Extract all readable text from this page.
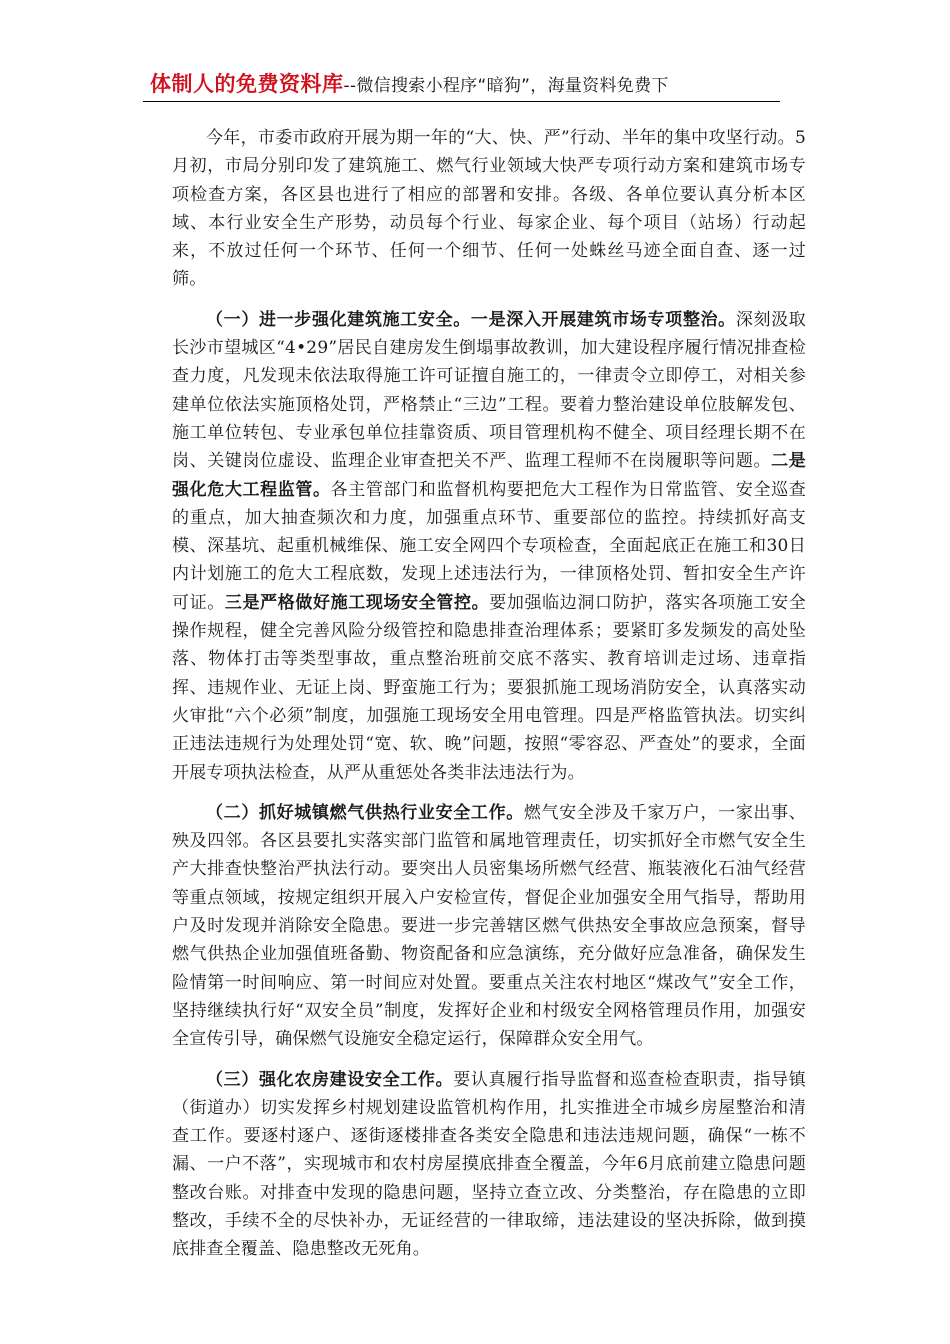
体制人的免费资料库--微信搜索小程序“暗狗”，海量资料免费下

今年，市委市政府开展为期一年的“大、快、严”行动、半年的集中攻坚行动。5月初，市局分别印发了建筑施工、燃气行业领域大快严专项行动方案和建筑市场专项检查方案，各区县也进行了相应的部署和安排。各级、各单位要认真分析本区域、本行业安全生产形势，动员每个行业、每家企业、每个项目（站场）行动起来，不放过任何一个环节、任何一个细节、任何一处蛛丝马迹全面自查、逐一过筛。

（一）进一步强化建筑施工安全。一是深入开展建筑市场专项整治。深刻汲取长沙市望城区“4•29”居民自建房发生倒塌事故教训，加大建设程序履行情况排查检查力度，凡发现未依法取得施工许可证擅自施工的，一律责令立即停工，对相关参建单位依法实施顶格处罚，严格禁止“三边”工程。要着力整治建设单位肢解发包、施工单位转包、专业承包单位挂靠资质、项目管理机构不健全、项目经理长期不在岗、关键岗位虚设、监理企业审查把关不严、监理工程师不在岗履职等问题。二是强化危大工程监管。各主管部门和监督机构要把危大工程作为日常监管、安全巡查的重点，加大抽查频次和力度，加强重点环节、重要部位的监控。持续抓好高支模、深基坑、起重机械维保、施工安全网四个专项检查，全面起底正在施工和30日内计划施工的危大工程底数，发现上述违法行为，一律顶格处罚、暂扣安全生产许可证。三是严格做好施工现场安全管控。要加强临边洞口防护，落实各项施工安全操作规程，健全完善风险分级管控和隐患排查治理体系；要紧盯多发频发的高处坠落、物体打击等类型事故，重点整治班前交底不落实、教育培训走过场、违章指挥、违规作业、无证上岗、野蛮施工行为；要狠抓施工现场消防安全，认真落实动火审批“六个必须”制度，加强施工现场安全用电管理。四是严格监管执法。切实纠正违法违规行为处理处罚“宽、软、晚”问题，按照“零容忍、严查处”的要求，全面开展专项执法检查，从严从重惩处各类非法违法行为。

（二）抓好城镇燃气供热行业安全工作。燃气安全涉及千家万户，一家出事、殃及四邻。各区县要扎实落实部门监管和属地管理责任，切实抓好全市燃气安全生产大排查快整治严执法行动。要突出人员密集场所燃气经营、瓶装液化石油气经营等重点领域，按规定组织开展入户安检宣传，督促企业加强安全用气指导，帮助用户及时发现并消除安全隐患。要进一步完善辖区燃气供热安全事故应急预案，督导燃气供热企业加强值班备勤、物资配备和应急演练，充分做好应急准备，确保发生险情第一时间响应、第一时间应对处置。要重点关注农村地区“煤改气”安全工作，坚持继续执行好“双安全员”制度，发挥好企业和村级安全网格管理员作用，加强安全宣传引导，确保燃气设施安全稳定运行，保障群众安全用气。

（三）强化农房建设安全工作。要认真履行指导监督和巡查检查职责，指导镇（街道办）切实发挥乡村规划建设监管机构作用，扎实推进全市城乡房屋整治和清查工作。要逐村逐户、逐街逐楼排查各类安全隐患和违法违规问题，确保“一栋不漏、一户不落”，实现城市和农村房屋摸底排查全覆盖，今年6月底前建立隐患问题整改台账。对排查中发现的隐患问题，坚持立查立改、分类整治，存在隐患的立即整改，手续不全的尽快补办，无证经营的一律取缔，违法建设的坚决拆除，做到摸底排查全覆盖、隐患整改无死角。
